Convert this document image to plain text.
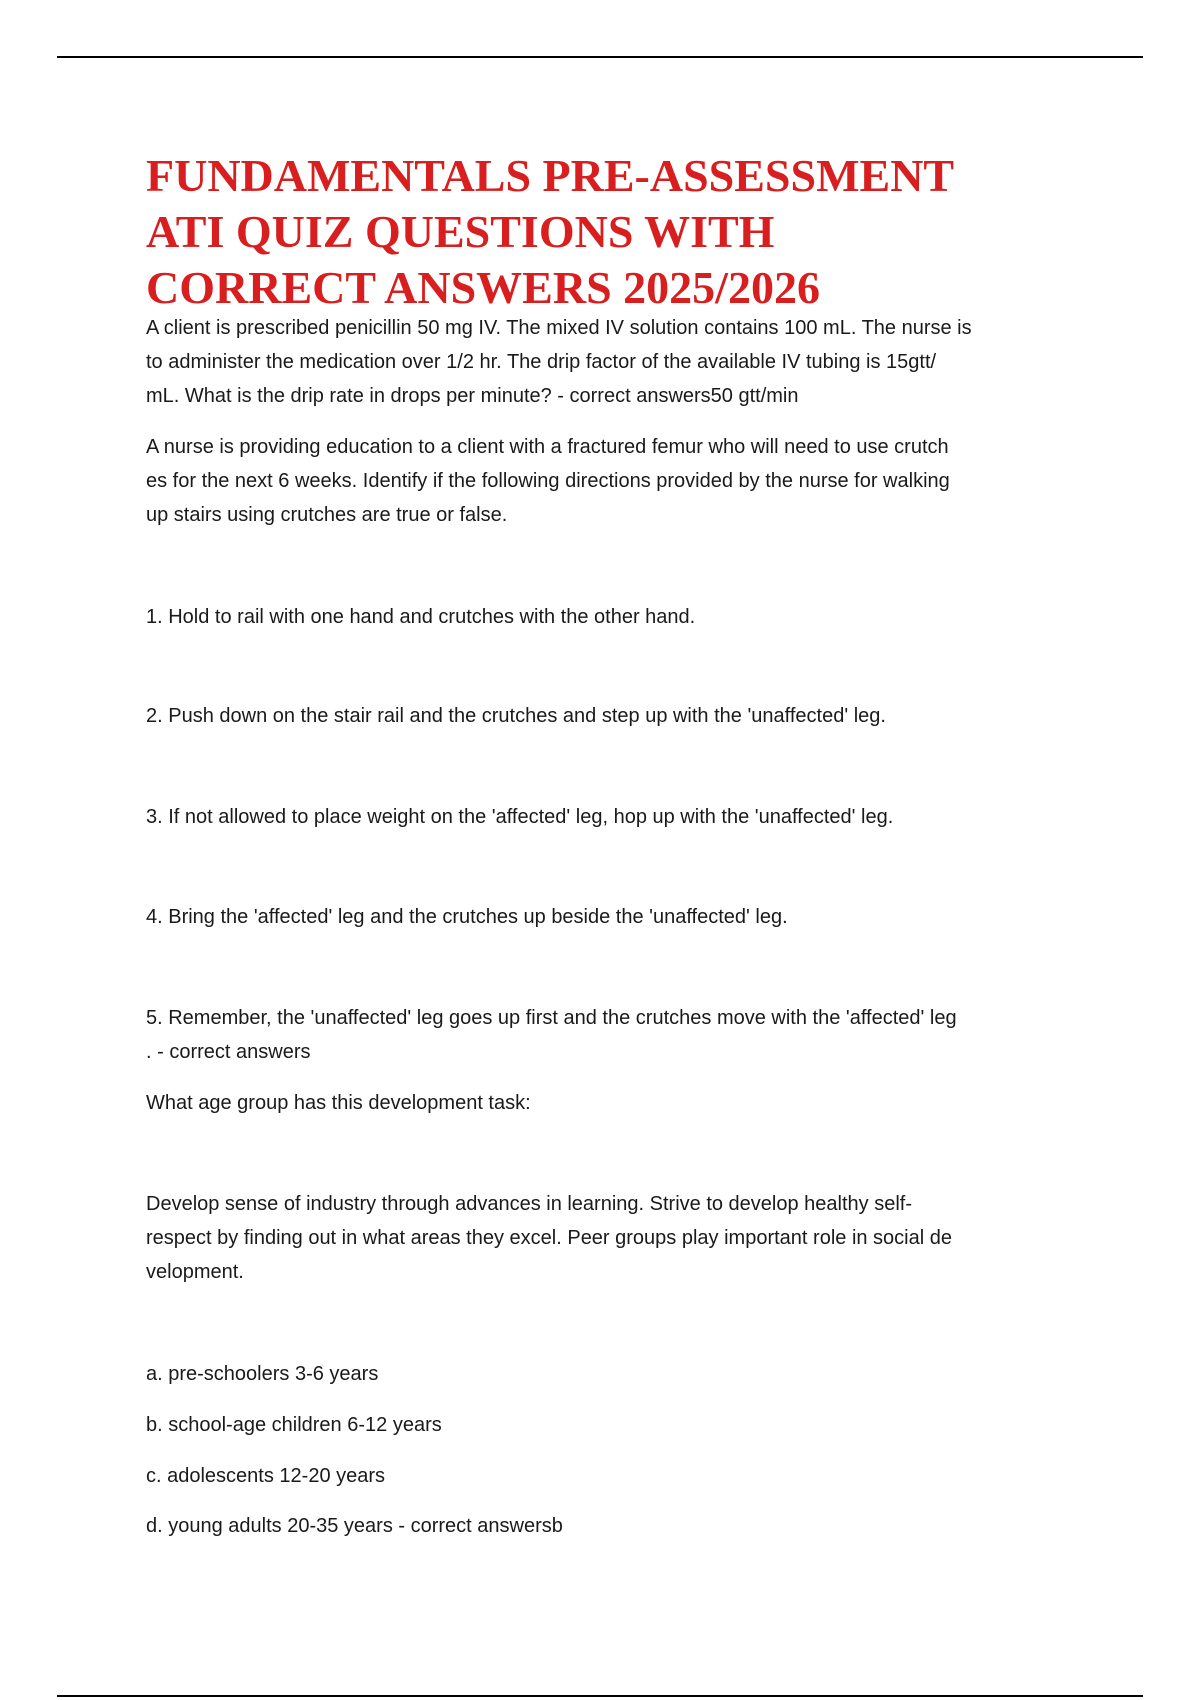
FUNDAMENTALS PRE-ASSESSMENT
ATI QUIZ QUESTIONS WITH
CORRECT ANSWERS 2025/2026
A client is prescribed penicillin 50 mg IV. The mixed IV solution contains 100 mL. The nurse is
to administer the medication over 1/2 hr. The drip factor of the available IV tubing is 15gtt/
mL. What is the drip rate in drops per minute? - correct answers50 gtt/min
A nurse is providing education to a client with a fractured femur who will need to use crutch
es for the next 6 weeks. Identify if the following directions provided by the nurse for walking
up stairs using crutches are true or false.
1. Hold to rail with one hand and crutches with the other hand.
2. Push down on the stair rail and the crutches and step up with the 'unaffected' leg.
3. If not allowed to place weight on the 'affected' leg, hop up with the 'unaffected' leg.
4. Bring the 'affected' leg and the crutches up beside the 'unaffected' leg.
5. Remember, the 'unaffected' leg goes up first and the crutches move with the 'affected' leg
. - correct answers
What age group has this development task:
Develop sense of industry through advances in learning. Strive to develop healthy self-
respect by finding out in what areas they excel. Peer groups play important role in social de
velopment.
a. pre-schoolers 3-6 years
b. school-age children 6-12 years
c. adolescents 12-20 years
d. young adults 20-35 years - correct answersb
